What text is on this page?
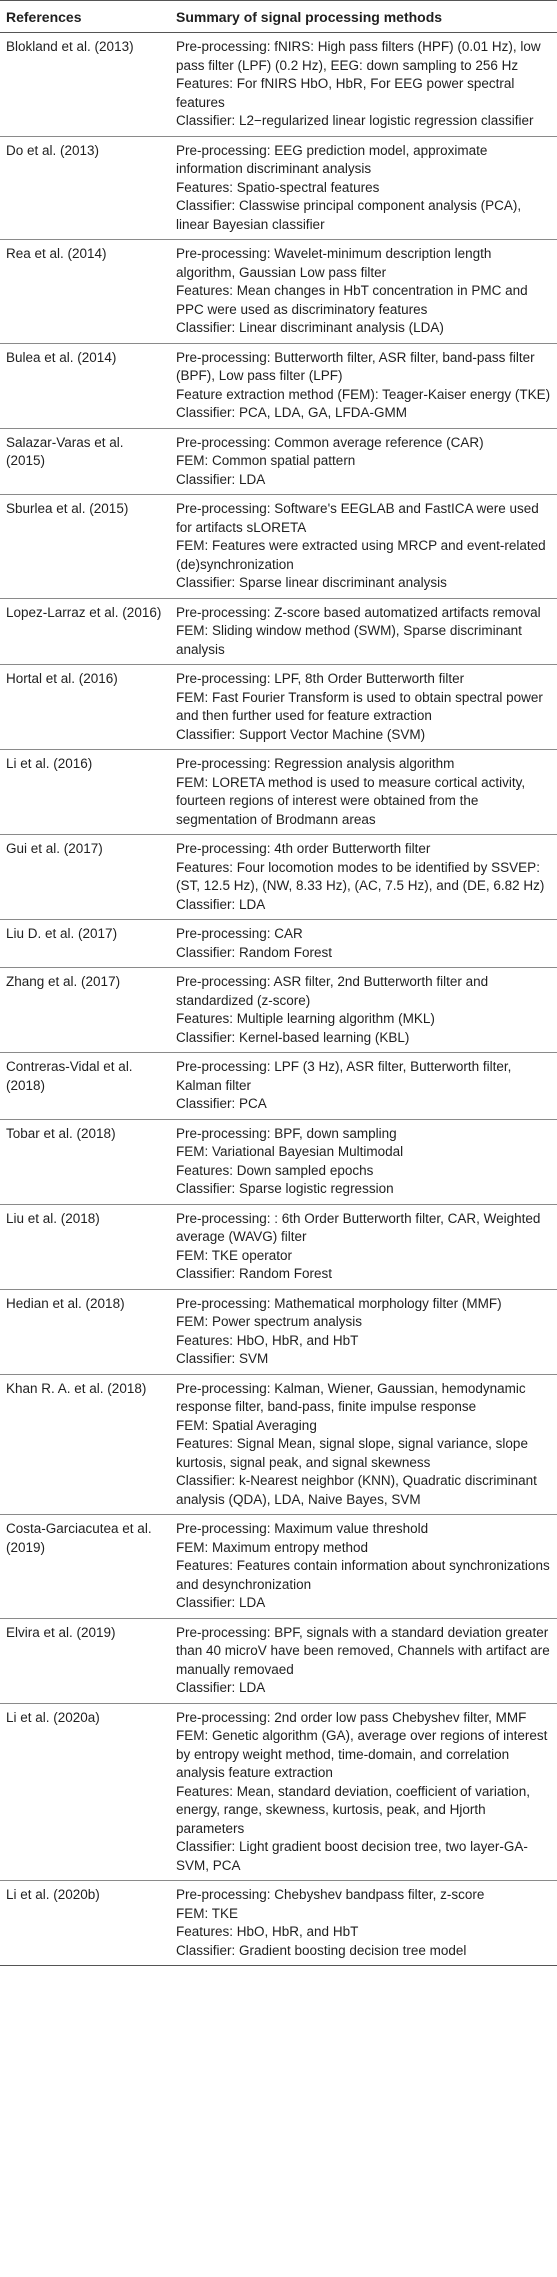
References	Summary of signal processing methods
Blokland et al. (2013)	Pre-processing: fNIRS: High pass filters (HPF) (0.01 Hz), low pass filter (LPF) (0.2 Hz), EEG: down sampling to 256 Hz
Features: For fNIRS HbO, HbR, For EEG power spectral features
Classifier: L2−regularized linear logistic regression classifier

Do et al. (2013)	Pre-processing: EEG prediction model, approximate information discriminant analysis
Features: Spatio-spectral features
Classifier: Classwise principal component analysis (PCA), linear Bayesian classifier

Rea et al. (2014)	Pre-processing: Wavelet-minimum description length algorithm, Gaussian Low pass filter
Features: Mean changes in HbT concentration in PMC and PPC were used as discriminatory features
Classifier: Linear discriminant analysis (LDA)

Bulea et al. (2014)	Pre-processing: Butterworth filter, ASR filter, band-pass filter (BPF), Low pass filter (LPF)
Feature extraction method (FEM): Teager-Kaiser energy (TKE)
Classifier: PCA, LDA, GA, LFDA-GMM

Salazar-Varas et al. (2015)	Pre-processing: Common average reference (CAR)
FEM: Common spatial pattern
Classifier: LDA

Sburlea et al. (2015)	Pre-processing: Software's EEGLAB and FastICA were used for artifacts sLORETA
FEM: Features were extracted using MRCP and event-related (de)synchronization
Classifier: Sparse linear discriminant analysis

Lopez-Larraz et al. (2016)	Pre-processing: Z-score based automatized artifacts removal
FEM: Sliding window method (SWM), Sparse discriminant analysis

Hortal et al. (2016)	Pre-processing: LPF, 8th Order Butterworth filter
FEM: Fast Fourier Transform is used to obtain spectral power and then further used for feature extraction
Classifier: Support Vector Machine (SVM)

Li et al. (2016)	Pre-processing: Regression analysis algorithm
FEM: LORETA method is used to measure cortical activity, fourteen regions of interest were obtained from the segmentation of Brodmann areas

Gui et al. (2017)	Pre-processing: 4th order Butterworth filter
Features: Four locomotion modes to be identified by SSVEP: (ST, 12.5 Hz), (NW, 8.33 Hz), (AC, 7.5 Hz), and (DE, 6.82 Hz)
Classifier: LDA

Liu D. et al. (2017)	Pre-processing: CAR
Classifier: Random Forest

Zhang et al. (2017)	Pre-processing: ASR filter, 2nd Butterworth filter and standardized (z-score)
Features: Multiple learning algorithm (MKL)
Classifier: Kernel-based learning (KBL)

Contreras-Vidal et al. (2018)	Pre-processing: LPF (3 Hz), ASR filter, Butterworth filter, Kalman filter
Classifier: PCA

Tobar et al. (2018)	Pre-processing: BPF, down sampling
FEM: Variational Bayesian Multimodal
Features: Down sampled epochs
Classifier: Sparse logistic regression

Liu et al. (2018)	Pre-processing: : 6th Order Butterworth filter, CAR, Weighted average (WAVG) filter
FEM: TKE operator
Classifier: Random Forest

Hedian et al. (2018)	Pre-processing: Mathematical morphology filter (MMF)
FEM: Power spectrum analysis
Features: HbO, HbR, and HbT
Classifier: SVM

Khan R. A. et al. (2018)	Pre-processing: Kalman, Wiener, Gaussian, hemodynamic response filter, band-pass, finite impulse response
FEM: Spatial Averaging
Features: Signal Mean, signal slope, signal variance, slope kurtosis, signal peak, and signal skewness
Classifier: k-Nearest neighbor (KNN), Quadratic discriminant analysis (QDA), LDA, Naive Bayes, SVM

Costa-Garciacutea et al. (2019)	Pre-processing: Maximum value threshold
FEM: Maximum entropy method
Features: Features contain information about synchronizations and desynchronization
Classifier: LDA

Elvira et al. (2019)	Pre-processing: BPF, signals with a standard deviation greater than 40 microV have been removed, Channels with artifact are manually removaed
Classifier: LDA

Li et al. (2020a)	Pre-processing: 2nd order low pass Chebyshev filter, MMF
FEM: Genetic algorithm (GA), average over regions of interest by entropy weight method, time-domain, and correlation analysis feature extraction
Features: Mean, standard deviation, coefficient of variation, energy, range, skewness, kurtosis, peak, and Hjorth parameters
Classifier: Light gradient boost decision tree, two layer-GA-SVM, PCA

Li et al. (2020b)	Pre-processing: Chebyshev bandpass filter, z-score
FEM: TKE
Features: HbO, HbR, and HbT
Classifier: Gradient boosting decision tree model
